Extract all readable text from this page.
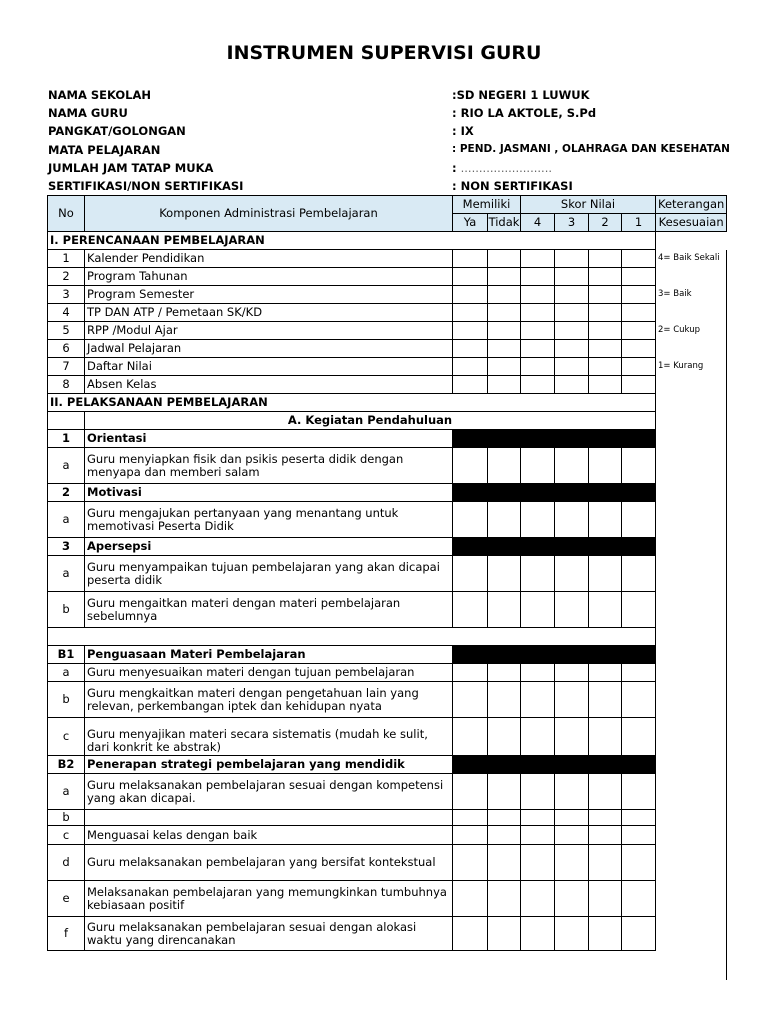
INSTRUMEN SUPERVISI GURU
NAMA SEKOLAH	:SD NEGERI 1 LUWUK
NAMA GURU	: RIO LA AKTOLE, S.Pd
PANGKAT/GOLONGAN	: IX
MATA PELAJARAN	: PEND. JASMANI , OLAHRAGA DAN KESEHATAN
JUMLAH JAM TATAP MUKA	: .........................
SERTIFIKASI/NON SERTIFIKASI	: NON SERTIFIKASI
No	Komponen Administrasi Pembelajaran	Memiliki		Skor Nilai				Keterangan
		Ya	Tidak	4	3	2	1	Kesesuaian
I. PERENCANAAN PEMBELAJARAN								
1	Kalender Pendidikan							4= Baik Sekali
2	Program Tahunan							
3	Program Semester							3= Baik
4	TP DAN ATP / Pemetaan SK/KD							
5	RPP /Modul Ajar							2= Cukup
6	Jadwal Pelajaran							
7	Daftar Nilai							1= Kurang
8	Absen Kelas							
II. PELAKSANAAN PEMBELAJARAN								
	A. Kegiatan Pendahuluan							
1	Orientasi							
a	Guru menyiapkan fisik dan psikis peserta didik dengan menyapa dan memberi salam							
2	Motivasi							
a	Guru mengajukan pertanyaan yang menantang untuk memotivasi Peserta Didik							
3	Apersepsi							
a	Guru menyampaikan tujuan pembelajaran yang akan dicapai peserta didik							
b	Guru mengaitkan materi dengan materi pembelajaran sebelumnya							

B1	Penguasaan Materi Pembelajaran							
a	Guru menyesuaikan materi dengan tujuan pembelajaran							
b	Guru mengkaitkan materi dengan pengetahuan lain yang relevan, perkembangan iptek dan kehidupan nyata							
c	Guru menyajikan materi secara sistematis (mudah ke sulit, dari konkrit ke abstrak)							
B2	Penerapan strategi pembelajaran yang mendidik							
a	Guru melaksanakan pembelajaran sesuai dengan kompetensi yang akan dicapai.							
b								
c	Menguasai kelas dengan baik							
d	Guru melaksanakan pembelajaran yang bersifat kontekstual							
e	Melaksanakan pembelajaran yang memungkinkan tumbuhnya kebiasaan positif							
f	Guru melaksanakan pembelajaran sesuai dengan alokasi waktu yang direncanakan							
